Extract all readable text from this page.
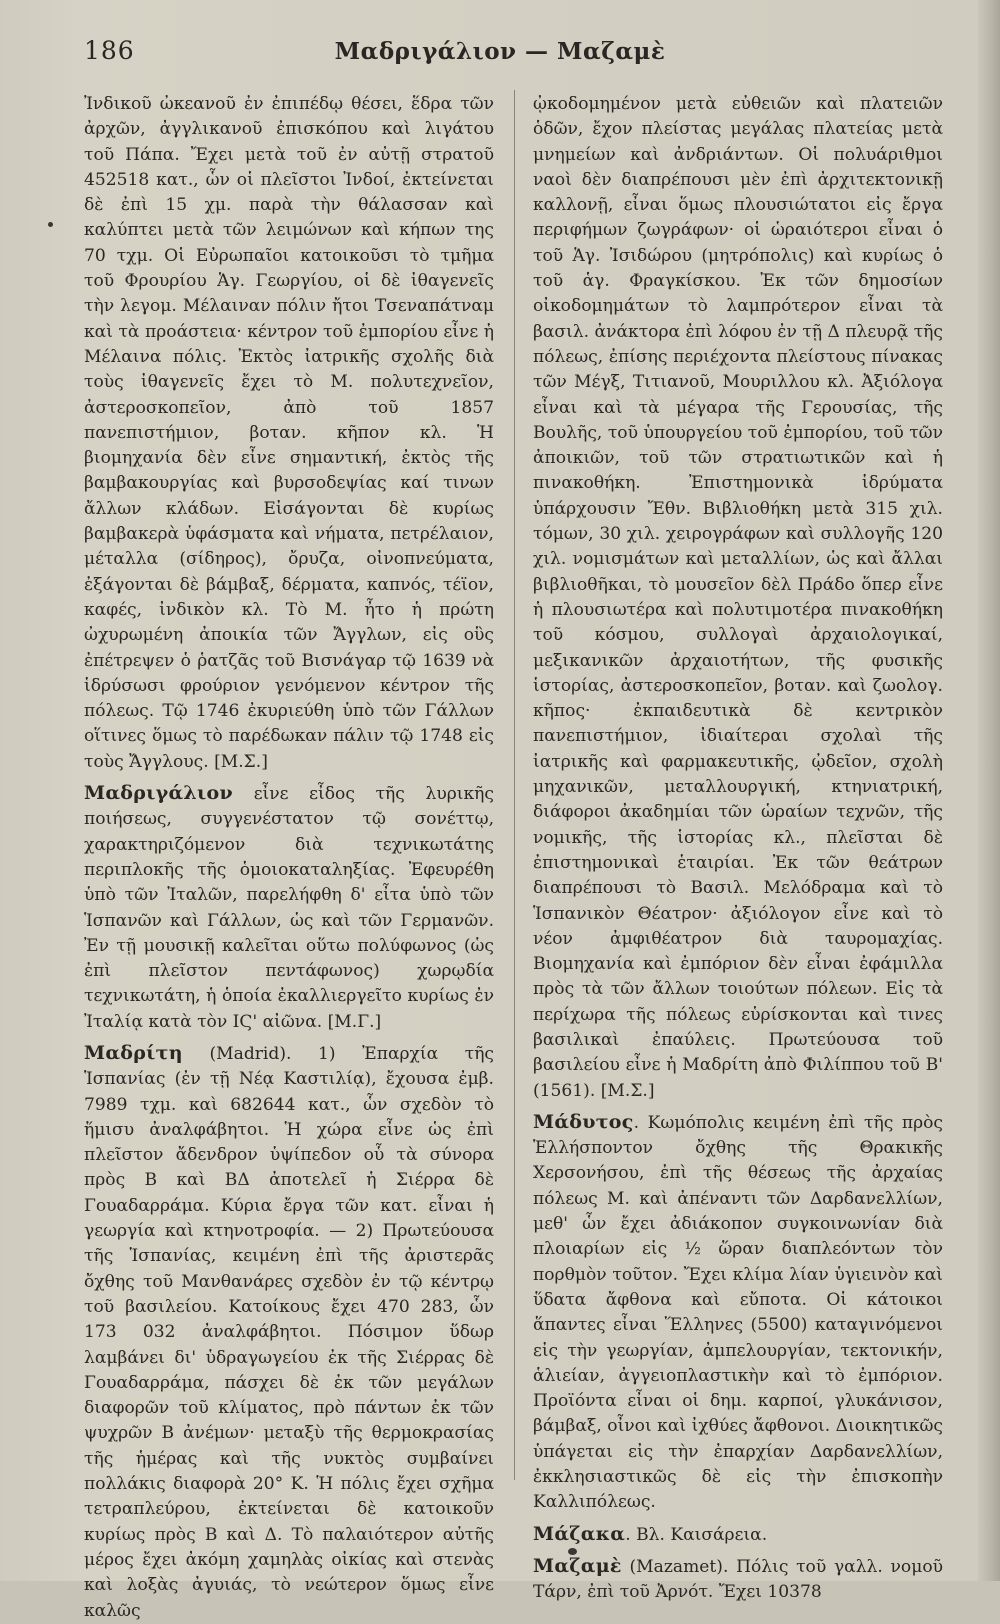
186	Μαδριγάλιον — Μαζαμὲ

Ἰνδικοῦ ὠκεανοῦ ἐν ἐπιπέδῳ θέσει, ἕδρα τῶν ἀρχῶν, ἀγγλικανοῦ ἐπισκόπου καὶ λιγάτου τοῦ Πάπα. Ἔχει μετὰ τοῦ ἐν αὐτῇ στρατοῦ 452518 κατ., ὧν οἱ πλεῖστοι Ἰνδοί, ἐκτείνεται δὲ ἐπὶ 15 χμ. παρὰ τὴν θάλασσαν καὶ καλύπτει μετὰ τῶν λειμώνων καὶ κήπων της 70 τχμ. Οἱ Εὐρωπαῖοι κατοικοῦσι τὸ τμῆμα τοῦ Φρουρίου Ἁγ. Γεωργίου, οἱ δὲ ἰθαγενεῖς τὴν λεγομ. Μέλαιναν πόλιν ἤτοι Τσεναπάτναμ καὶ τὰ προάστεια· κέντρον τοῦ ἐμπορίου εἶνε ἡ Μέλαινα πόλις. Ἐκτὸς ἰατρικῆς σχολῆς διὰ τοὺς ἰθαγενεῖς ἔχει τὸ Μ. πολυτεχνεῖον, ἀστεροσκοπεῖον, ἀπὸ τοῦ 1857 πανεπιστήμιον, βοταν. κῆπον κλ. Ἡ βιομηχανία δὲν εἶνε σημαντική, ἐκτὸς τῆς βαμβακουργίας καὶ βυρσοδεψίας καί τινων ἄλλων κλάδων. Εἰσάγονται δὲ κυρίως βαμβακερὰ ὑφάσματα καὶ νήματα, πετρέλαιον, μέταλλα (σίδηρος), ὄρυζα, οἰνοπνεύματα, ἐξάγονται δὲ βάμβαξ, δέρματα, καπνός, τέϊον, καφές, ἰνδικὸν κλ. Τὸ Μ. ἦτο ἡ πρώτη ὠχυρωμένη ἀποικία τῶν Ἄγγλων, εἰς οὓς ἐπέτρεψεν ὁ ῥατζᾶς τοῦ Βισνάγαρ τῷ 1639 νὰ ἱδρύσωσι φρούριον γενόμενον κέντρον τῆς πόλεως. Τῷ 1746 ἐκυριεύθη ὑπὸ τῶν Γάλλων οἵτινες ὅμως τὸ παρέδωκαν πάλιν τῷ 1748 εἰς τοὺς Ἄγγλους. [Μ.Σ.]

Μαδριγάλιον εἶνε εἶδος τῆς λυρικῆς ποιήσεως, συγγενέστατον τῷ σονέττῳ, χαρακτηριζόμενον διὰ τεχνικωτάτης περιπλοκῆς τῆς ὁμοιοκαταληξίας. Ἐφευρέθη ὑπὸ τῶν Ἰταλῶν, παρελήφθη δ' εἶτα ὑπὸ τῶν Ἱσπανῶν καὶ Γάλλων, ὡς καὶ τῶν Γερμανῶν. Ἐν τῇ μουσικῇ καλεῖται οὕτω πολύφωνος (ὡς ἐπὶ πλεῖστον πεντάφωνος) χωρῳδία τεχνικωτάτη, ἡ ὁποία ἐκαλλιεργεῖτο κυρίως ἐν Ἰταλίᾳ κατὰ τὸν ΙϚ' αἰῶνα. [Μ.Γ.]

Μαδρίτη (Madrid). 1) Ἐπαρχία τῆς Ἱσπανίας (ἐν τῇ Νέᾳ Καστιλίᾳ), ἔχουσα ἐμβ. 7989 τχμ. καὶ 682644 κατ., ὧν σχεδὸν τὸ ἥμισυ ἀναλφάβητοι. Ἡ χώρα εἶνε ὡς ἐπὶ πλεῖστον ἄδενδρον ὑψίπεδον οὗ τὰ σύνορα πρὸς Β καὶ ΒΔ ἀποτελεῖ ἡ Σιέρρα δὲ Γουαδαρράμα. Κύρια ἔργα τῶν κατ. εἶναι ἡ γεωργία καὶ κτηνοτροφία. — 2) Πρωτεύουσα τῆς Ἱσπανίας, κειμένη ἐπὶ τῆς ἀριστερᾶς ὄχθης τοῦ Μανθανάρες σχεδὸν ἐν τῷ κέντρῳ τοῦ βασιλείου. Κατοίκους ἔχει 470 283, ὧν 173 032 ἀναλφάβητοι. Πόσιμον ὕδωρ λαμβάνει δι' ὑδραγωγείου ἐκ τῆς Σιέρρας δὲ Γουαδαρράμα, πάσχει δὲ ἐκ τῶν μεγάλων διαφορῶν τοῦ κλίματος, πρὸ πάντων ἐκ τῶν ψυχρῶν Β ἀνέμων· μεταξὺ τῆς θερμοκρασίας τῆς ἡμέρας καὶ τῆς νυκτὸς συμβαίνει πολλάκις διαφορὰ 20° Κ. Ἡ πόλις ἔχει σχῆμα τετραπλεύρου, ἐκτείνεται δὲ κατοικοῦν κυρίως πρὸς Β καὶ Δ. Τὸ παλαιότερον αὐτῆς μέρος ἔχει ἀκόμη χαμηλὰς οἰκίας καὶ στενὰς καὶ λοξὰς ἀγυιάς, τὸ νεώτερον ὅμως εἶνε καλῶς

ᾠκοδομημένον μετὰ εὐθειῶν καὶ πλατειῶν ὁδῶν, ἔχον πλείστας μεγάλας πλατείας μετὰ μνημείων καὶ ἀνδριάντων. Οἱ πολυάριθμοι ναοὶ δὲν διαπρέπουσι μὲν ἐπὶ ἀρχιτεκτονικῇ καλλονῇ, εἶναι ὅμως πλουσιώτατοι εἰς ἔργα περιφήμων ζωγράφων· οἱ ὡραιότεροι εἶναι ὁ τοῦ Ἁγ. Ἰσιδώρου (μητρόπολις) καὶ κυρίως ὁ τοῦ ἁγ. Φραγκίσκου. Ἐκ τῶν δημοσίων οἰκοδομημάτων τὸ λαμπρότερον εἶναι τὰ βασιλ. ἀνάκτορα ἐπὶ λόφου ἐν τῇ Δ πλευρᾷ τῆς πόλεως, ἐπίσης περιέχοντα πλείστους πίνακας τῶν Μέγξ, Τιτιανοῦ, Μουριλλου κλ. Ἀξιόλογα εἶναι καὶ τὰ μέγαρα τῆς Γερουσίας, τῆς Βουλῆς, τοῦ ὑπουργείου τοῦ ἐμπορίου, τοῦ τῶν ἀποικιῶν, τοῦ τῶν στρατιωτικῶν καὶ ἡ πινακοθήκη. Ἐπιστημονικὰ ἱδρύματα ὑπάρχουσιν Ἔθν. Βιβλιοθήκη μετὰ 315 χιλ. τόμων, 30 χιλ. χειρογράφων καὶ συλλογῆς 120 χιλ. νομισμάτων καὶ μεταλλίων, ὡς καὶ ἄλλαι βιβλιοθῆκαι, τὸ μουσεῖον δὲλ Πράδο ὅπερ εἶνε ἡ πλουσιωτέρα καὶ πολυτιμοτέρα πινακοθήκη τοῦ κόσμου, συλλογαὶ ἀρχαιολογικαί, μεξικανικῶν ἀρχαιοτήτων, τῆς φυσικῆς ἱστορίας, ἀστεροσκοπεῖον, βοταν. καὶ ζωολογ. κῆπος· ἐκπαιδευτικὰ δὲ κεντρικὸν πανεπιστήμιον, ἰδιαίτεραι σχολαὶ τῆς ἰατρικῆς καὶ φαρμακευτικῆς, ᾠδεῖον, σχολὴ μηχανικῶν, μεταλλουργική, κτηνιατρική, διάφοροι ἀκαδημίαι τῶν ὡραίων τεχνῶν, τῆς νομικῆς, τῆς ἱστορίας κλ., πλεῖσται δὲ ἐπιστημονικαὶ ἑταιρίαι. Ἐκ τῶν θεάτρων διαπρέπουσι τὸ Βασιλ. Μελόδραμα καὶ τὸ Ἱσπανικὸν Θέατρον· ἀξιόλογον εἶνε καὶ τὸ νέον ἀμφιθέατρον διὰ ταυρομαχίας. Βιομηχανία καὶ ἐμπόριον δὲν εἶναι ἐφάμιλλα πρὸς τὰ τῶν ἄλλων τοιούτων πόλεων. Εἰς τὰ περίχωρα τῆς πόλεως εὑρίσκονται καὶ τινες βασιλικαὶ ἐπαύλεις. Πρωτεύουσα τοῦ βασιλείου εἶνε ἡ Μαδρίτη ἀπὸ Φιλίππου τοῦ Β' (1561). [Μ.Σ.]

Μάδυτος. Κωμόπολις κειμένη ἐπὶ τῆς πρὸς Ἑλλήσποντον ὄχθης τῆς Θρακικῆς Χερσονήσου, ἐπὶ τῆς θέσεως τῆς ἀρχαίας πόλεως Μ. καὶ ἀπέναντι τῶν Δαρδανελλίων, μεθ' ὧν ἔχει ἀδιάκοπον συγκοινωνίαν διὰ πλοιαρίων εἰς ½ ὥραν διαπλεόντων τὸν πορθμὸν τοῦτον. Ἔχει κλίμα λίαν ὑγιεινὸν καὶ ὕδατα ἄφθονα καὶ εὔποτα. Οἱ κάτοικοι ἅπαντες εἶναι Ἕλληνες (5500) καταγινόμενοι εἰς τὴν γεωργίαν, ἀμπελουργίαν, τεκτονικήν, ἁλιείαν, ἀγγειοπλαστικὴν καὶ τὸ ἐμπόριον. Προϊόντα εἶναι οἱ δημ. καρποί, γλυκάνισον, βάμβαξ, οἶνοι καὶ ἰχθύες ἄφθονοι. Διοικητικῶς ὑπάγεται εἰς τὴν ἐπαρχίαν Δαρδανελλίων, ἐκκλησιαστικῶς δὲ εἰς τὴν ἐπισκοπὴν Καλλιπόλεως.

Μάζακα. Βλ. Καισάρεια.

Μαζαμὲ (Mazamet). Πόλις τοῦ γαλλ. νομοῦ Τάρν, ἐπὶ τοῦ Ἀρνότ. Ἔχει 10378
